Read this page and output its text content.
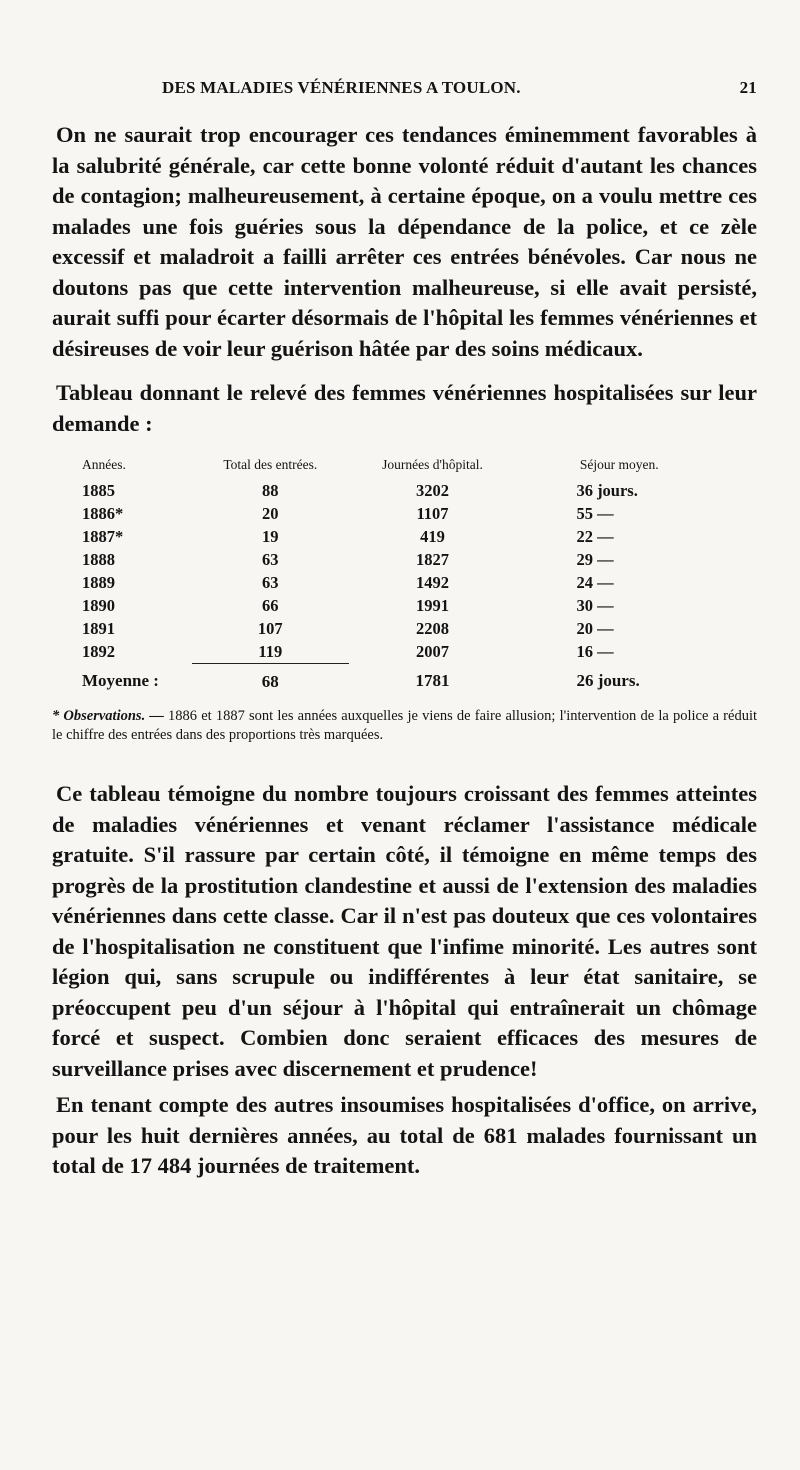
DES MALADIES VÉNÉRIENNES A TOULON.	21

On ne saurait trop encourager ces tendances éminemment favorables à la salubrité générale, car cette bonne volonté réduit d'autant les chances de contagion; malheureusement, à certaine époque, on a voulu mettre ces malades une fois guéries sous la dépendance de la police, et ce zèle excessif et maladroit a failli arrêter ces entrées bénévoles. Car nous ne doutons pas que cette intervention malheureuse, si elle avait persisté, aurait suffi pour écarter désormais de l'hôpital les femmes vénériennes et désireuses de voir leur guérison hâtée par des soins médicaux.

Tableau donnant le relevé des femmes vénériennes hospitalisées sur leur demande :

Années.	Total des entrées.	Journées d'hôpital.	Séjour moyen.
1885	88	3202	36 jours.
1886*	20	1107	55 —
1887*	19	419	22 —
1888	63	1827	29 —
1889	63	1492	24 —
1890	66	1991	30 —
1891	107	2208	20 —
1892	119	2007	16 —
Moyenne :	68	1781	26 jours.

* Observations. — 1886 et 1887 sont les années auxquelles je viens de faire allusion; l'intervention de la police a réduit le chiffre des entrées dans des proportions très marquées.

Ce tableau témoigne du nombre toujours croissant des femmes atteintes de maladies vénériennes et venant réclamer l'assistance médicale gratuite. S'il rassure par certain côté, il témoigne en même temps des progrès de la prostitution clandestine et aussi de l'extension des maladies vénériennes dans cette classe. Car il n'est pas douteux que ces volontaires de l'hospitalisation ne constituent que l'infime minorité. Les autres sont légion qui, sans scrupule ou indifférentes à leur état sanitaire, se préoccupent peu d'un séjour à l'hôpital qui entraînerait un chômage forcé et suspect. Combien donc seraient efficaces des mesures de surveillance prises avec discernement et prudence!

En tenant compte des autres insoumises hospitalisées d'office, on arrive, pour les huit dernières années, au total de 681 malades fournissant un total de 17 484 journées de traitement.
